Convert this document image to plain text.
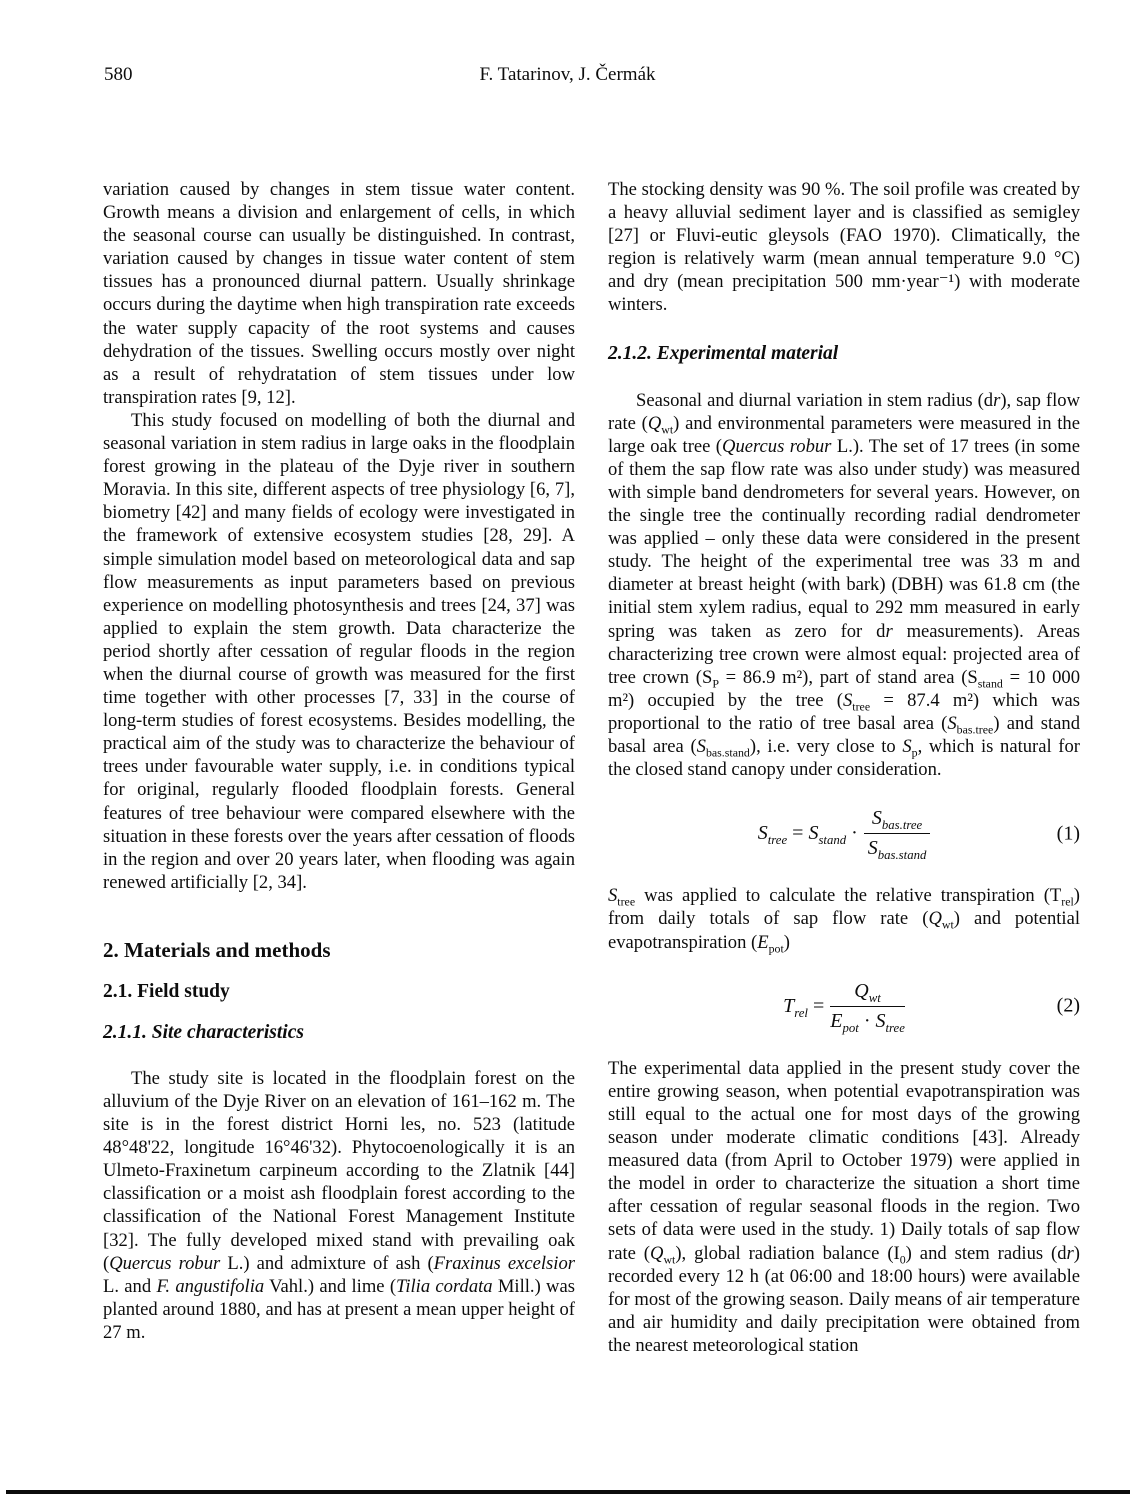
580	F. Tatarinov, J. Čermák

variation caused by changes in stem tissue water content. Growth means a division and enlargement of cells, in which the seasonal course can usually be distinguished. In contrast, variation caused by changes in tissue water content of stem tissues has a pronounced diurnal pattern. Usually shrinkage occurs during the daytime when high transpiration rate exceeds the water supply capacity of the root systems and causes dehydration of the tissues. Swelling occurs mostly over night as a result of rehydratation of stem tissues under low transpiration rates [9, 12].

This study focused on modelling of both the diurnal and seasonal variation in stem radius in large oaks in the floodplain forest growing in the plateau of the Dyje river in southern Moravia. In this site, different aspects of tree physiology [6, 7], biometry [42] and many fields of ecology were investigated in the framework of extensive ecosystem studies [28, 29]. A simple simulation model based on meteorological data and sap flow measurements as input parameters based on previous experience on modelling photosynthesis and trees [24, 37] was applied to explain the stem growth. Data characterize the period shortly after cessation of regular floods in the region when the diurnal course of growth was measured for the first time together with other processes [7, 33] in the course of long-term studies of forest ecosystems. Besides modelling, the practical aim of the study was to characterize the behaviour of trees under favourable water supply, i.e. in conditions typical for original, regularly flooded floodplain forests. General features of tree behaviour were compared elsewhere with the situation in these forests over the years after cessation of floods in the region and over 20 years later, when flooding was again renewed artificially [2, 34].

2. Materials and methods
2.1. Field study
2.1.1. Site characteristics

The study site is located in the floodplain forest on the alluvium of the Dyje River on an elevation of 161–162 m. The site is in the forest district Horni les, no. 523 (latitude 48°48'22, longitude 16°46'32). Phytocoenologically it is an Ulmeto-Fraxinetum carpineum according to the Zlatnik [44] classification or a moist ash floodplain forest according to the classification of the National Forest Management Institute [32]. The fully developed mixed stand with prevailing oak (Quercus robur L.) and admixture of ash (Fraxinus excelsior L. and F. angustifolia Vahl.) and lime (Tilia cordata Mill.) was planted around 1880, and has at present a mean upper height of 27 m.

The stocking density was 90 %. The soil profile was created by a heavy alluvial sediment layer and is classified as semigley [27] or Fluvi-eutic gleysols (FAO 1970). Climatically, the region is relatively warm (mean annual temperature 9.0 °C) and dry (mean precipitation 500 mm·year⁻¹) with moderate winters.

2.1.2. Experimental material

Seasonal and diurnal variation in stem radius (dr), sap flow rate $(Q_{wt})$ and environmental parameters were measured in the large oak tree (Quercus robur L.). The set of 17 trees (in some of them the sap flow rate was also under study) was measured with simple band dendrometers for several years. However, on the single tree the continually recording radial dendrometer was applied – only these data were considered in the present study. The height of the experimental tree was 33 m and diameter at breast height (with bark) (DBH) was 61.8 cm (the initial stem xylem radius, equal to 292 mm measured in early spring was taken as zero for dr measurements). Areas characterizing tree crown were almost equal: projected area of tree crown ($S_P = 86.9$ m²), part of stand area ($S_{stand} = 10$ 000 m²) occupied by the tree ($S_{tree} = 87.4$ m²) which was proportional to the ratio of tree basal area $(S_{bas.tree})$ and stand basal area $(S_{bas.stand})$, i.e. very close to $S_p$, which is natural for the closed stand canopy under consideration.

$S_{tree} = S_{stand} \cdot \frac{S_{bas.tree}}{S_{bas.stand}}$	(1)

$S_{tree}$ was applied to calculate the relative transpiration $(T_{rel})$ from daily totals of sap flow rate $(Q_{wt})$ and potential evapotranspiration $(E_{pot})$

$T_{rel} = \frac{Q_{wt}}{E_{pot} \cdot S_{tree}}$	(2)

The experimental data applied in the present study cover the entire growing season, when potential evapotranspiration was still equal to the actual one for most days of the growing season under moderate climatic conditions [43]. Already measured data (from April to October 1979) were applied in the model in order to characterize the situation a short time after cessation of regular seasonal floods in the region. Two sets of data were used in the study. 1) Daily totals of sap flow rate $(Q_{wt})$, global radiation balance $(I_0)$ and stem radius (dr) recorded every 12 h (at 06:00 and 18:00 hours) were available for most of the growing season. Daily means of air temperature and air humidity and daily precipitation were obtained from the nearest meteorological station
